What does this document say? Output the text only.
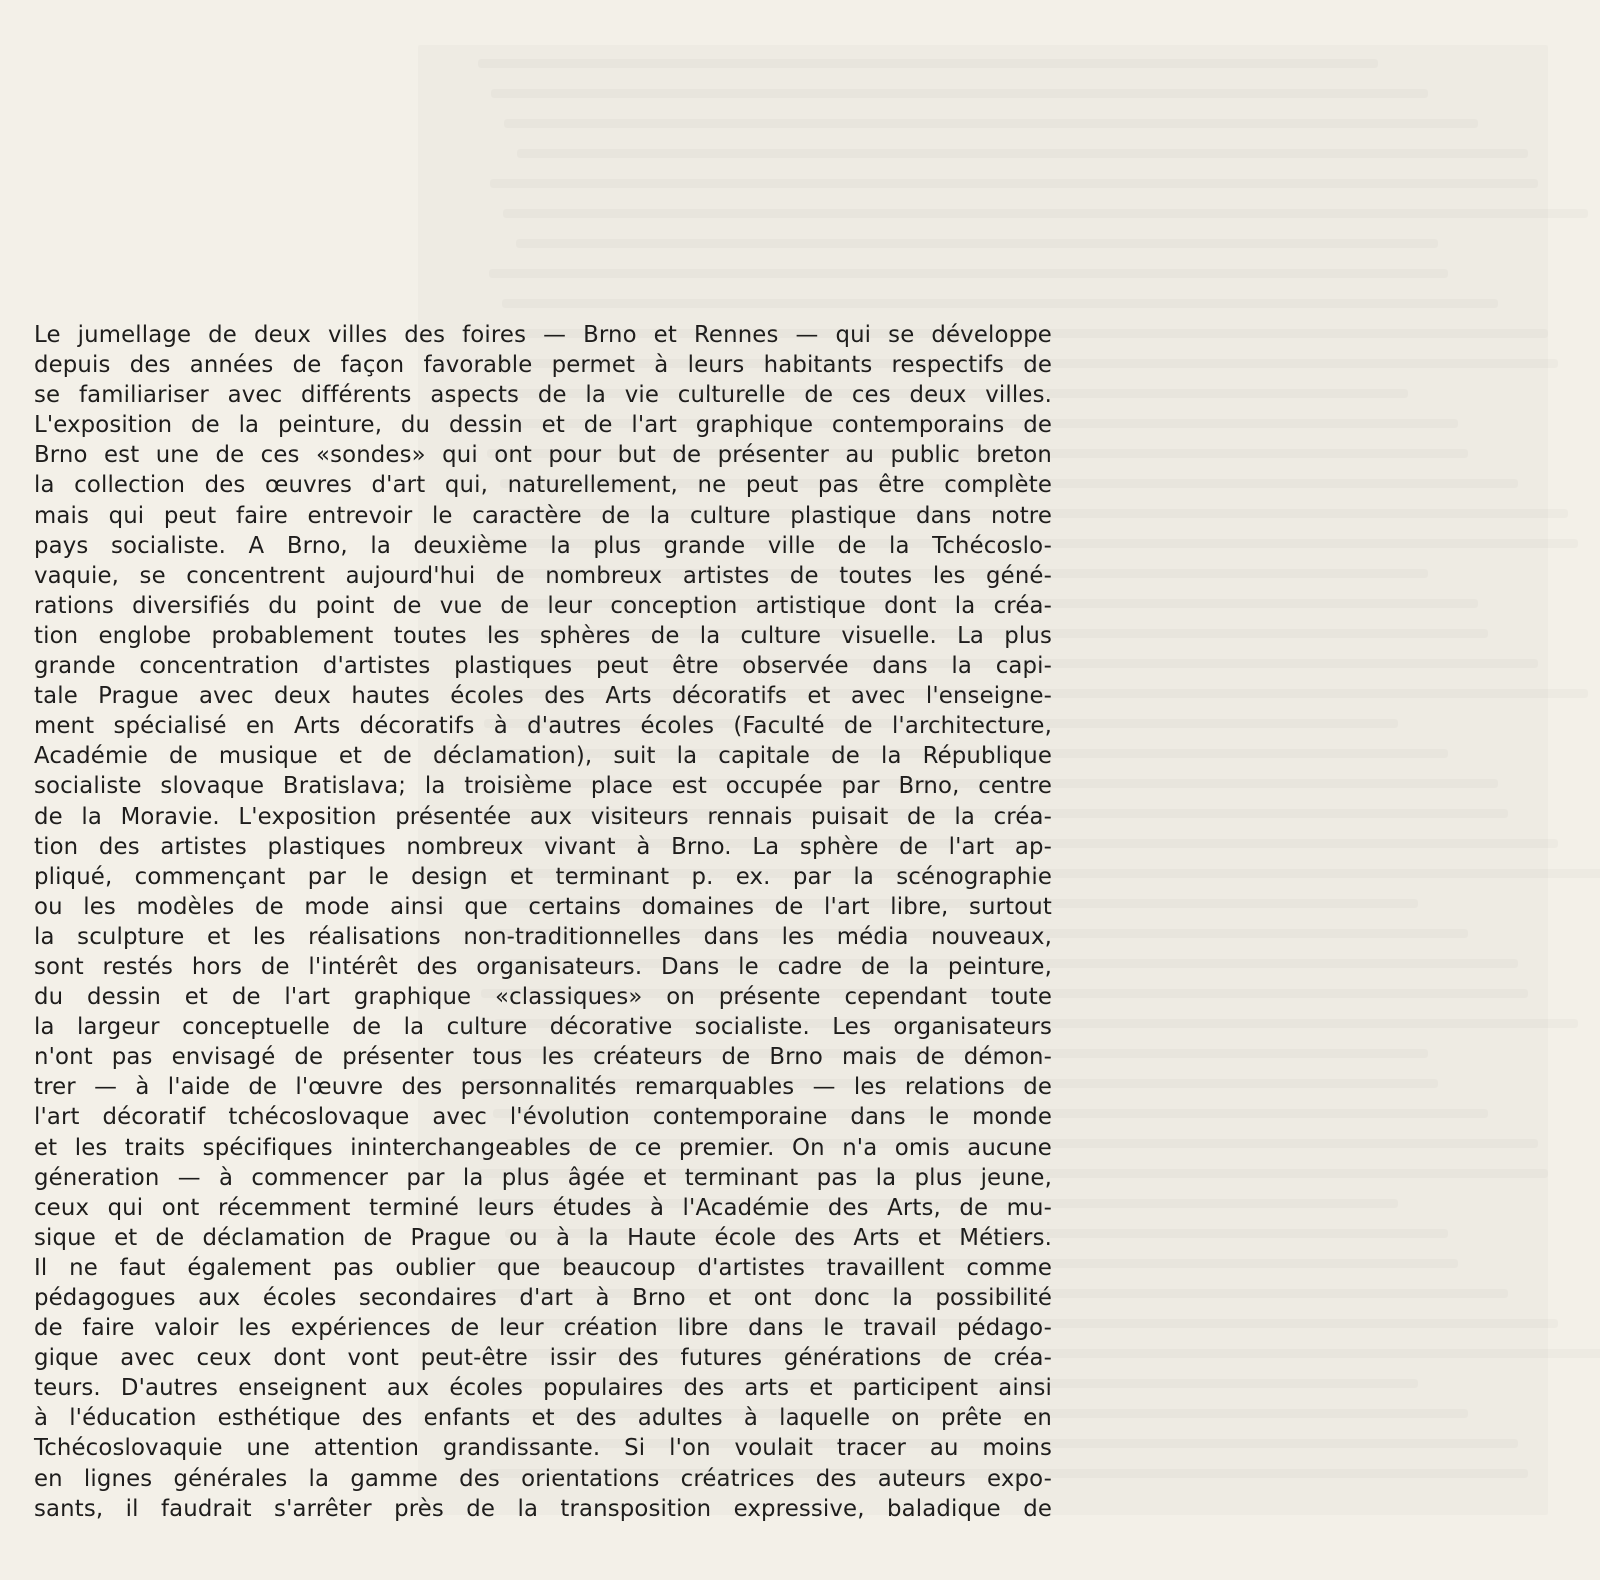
Le jumellage de deux villes des foires — Brno et Rennes — qui se développe
depuis des années de façon favorable permet à leurs habitants respectifs de
se familiariser avec différents aspects de la vie culturelle de ces deux villes.
L'exposition de la peinture, du dessin et de l'art graphique contemporains de
Brno est une de ces «sondes» qui ont pour but de présenter au public breton
la collection des œuvres d'art qui, naturellement, ne peut pas être complète
mais qui peut faire entrevoir le caractère de la culture plastique dans notre
pays socialiste. A Brno, la deuxième la plus grande ville de la Tchécoslo-
vaquie, se concentrent aujourd'hui de nombreux artistes de toutes les géné-
rations diversifiés du point de vue de leur conception artistique dont la créa-
tion englobe probablement toutes les sphères de la culture visuelle. La plus
grande concentration d'artistes plastiques peut être observée dans la capi-
tale Prague avec deux hautes écoles des Arts décoratifs et avec l'enseigne-
ment spécialisé en Arts décoratifs à d'autres écoles (Faculté de l'architecture,
Académie de musique et de déclamation), suit la capitale de la République
socialiste slovaque Bratislava; la troisième place est occupée par Brno, centre
de la Moravie. L'exposition présentée aux visiteurs rennais puisait de la créa-
tion des artistes plastiques nombreux vivant à Brno. La sphère de l'art ap-
pliqué, commençant par le design et terminant p. ex. par la scénographie
ou les modèles de mode ainsi que certains domaines de l'art libre, surtout
la sculpture et les réalisations non-traditionnelles dans les média nouveaux,
sont restés hors de l'intérêt des organisateurs. Dans le cadre de la peinture,
du dessin et de l'art graphique «classiques» on présente cependant toute
la largeur conceptuelle de la culture décorative socialiste. Les organisateurs
n'ont pas envisagé de présenter tous les créateurs de Brno mais de démon-
trer — à l'aide de l'œuvre des personnalités remarquables — les relations de
l'art décoratif tchécoslovaque avec l'évolution contemporaine dans le monde
et les traits spécifiques ininterchangeables de ce premier. On n'a omis aucune
géneration — à commencer par la plus âgée et terminant pas la plus jeune,
ceux qui ont récemment terminé leurs études à l'Académie des Arts, de mu-
sique et de déclamation de Prague ou à la Haute école des Arts et Métiers.
Il ne faut également pas oublier que beaucoup d'artistes travaillent comme
pédagogues aux écoles secondaires d'art à Brno et ont donc la possibilité
de faire valoir les expériences de leur création libre dans le travail pédago-
gique avec ceux dont vont peut-être issir des futures générations de créa-
teurs. D'autres enseignent aux écoles populaires des arts et participent ainsi
à l'éducation esthétique des enfants et des adultes à laquelle on prête en
Tchécoslovaquie une attention grandissante. Si l'on voulait tracer au moins
en lignes générales la gamme des orientations créatrices des auteurs expo-
sants, il faudrait s'arrêter près de la transposition expressive, baladique de
